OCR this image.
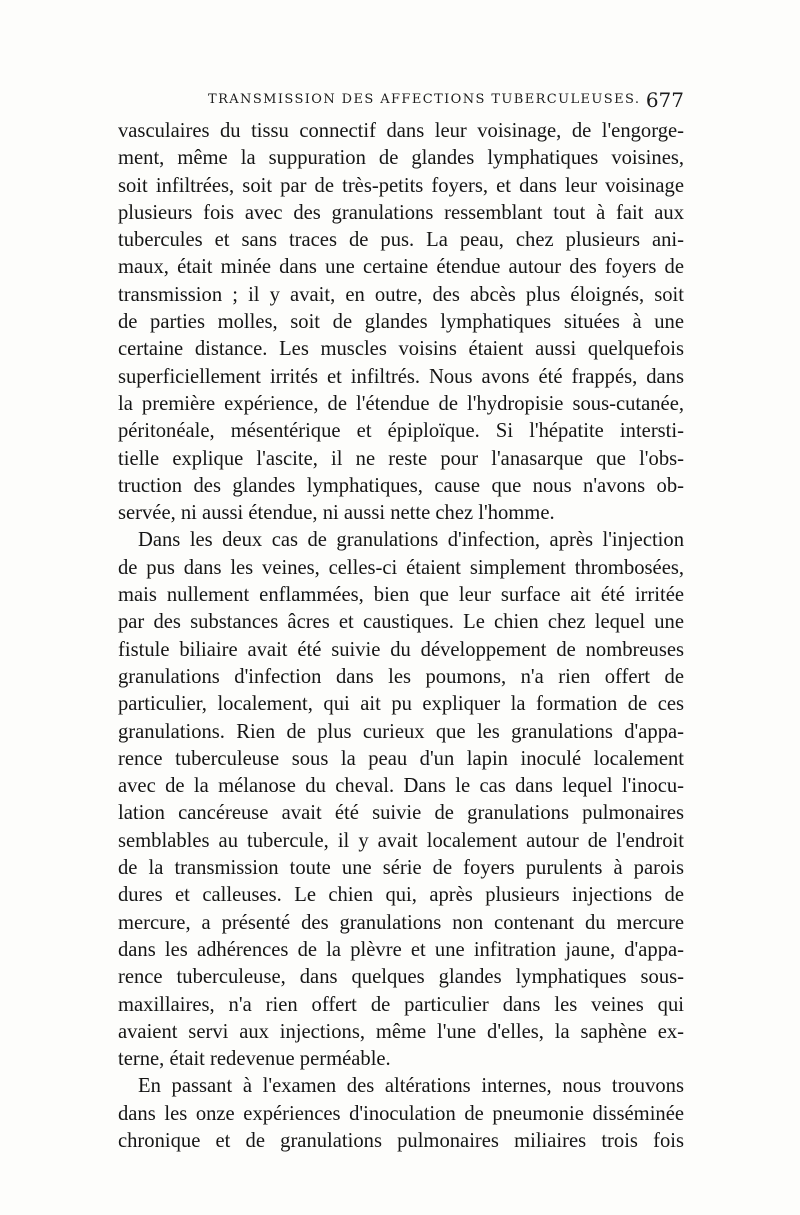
TRANSMISSION DES AFFECTIONS TUBERCULEUSES. 677
vasculaires du tissu connectif dans leur voisinage, de l'engorge-
ment, même la suppuration de glandes lymphatiques voisines,
soit infiltrées, soit par de très-petits foyers, et dans leur voisinage
plusieurs fois avec des granulations ressemblant tout à fait aux
tubercules et sans traces de pus. La peau, chez plusieurs ani-
maux, était minée dans une certaine étendue autour des foyers de
transmission ; il y avait, en outre, des abcès plus éloignés, soit
de parties molles, soit de glandes lymphatiques situées à une
certaine distance. Les muscles voisins étaient aussi quelquefois
superficiellement irrités et infiltrés. Nous avons été frappés, dans
la première expérience, de l'étendue de l'hydropisie sous-cutanée,
péritonéale, mésentérique et épiploïque. Si l'hépatite intersti-
tielle explique l'ascite, il ne reste pour l'anasarque que l'obs-
truction des glandes lymphatiques, cause que nous n'avons ob-
servée, ni aussi étendue, ni aussi nette chez l'homme.
Dans les deux cas de granulations d'infection, après l'injection
de pus dans les veines, celles-ci étaient simplement thrombosées,
mais nullement enflammées, bien que leur surface ait été irritée
par des substances âcres et caustiques. Le chien chez lequel une
fistule biliaire avait été suivie du développement de nombreuses
granulations d'infection dans les poumons, n'a rien offert de
particulier, localement, qui ait pu expliquer la formation de ces
granulations. Rien de plus curieux que les granulations d'appa-
rence tuberculeuse sous la peau d'un lapin inoculé localement
avec de la mélanose du cheval. Dans le cas dans lequel l'inocu-
lation cancéreuse avait été suivie de granulations pulmonaires
semblables au tubercule, il y avait localement autour de l'endroit
de la transmission toute une série de foyers purulents à parois
dures et calleuses. Le chien qui, après plusieurs injections de
mercure, a présenté des granulations non contenant du mercure
dans les adhérences de la plèvre et une infitration jaune, d'appa-
rence tuberculeuse, dans quelques glandes lymphatiques sous-
maxillaires, n'a rien offert de particulier dans les veines qui
avaient servi aux injections, même l'une d'elles, la saphène ex-
terne, était redevenue perméable.
En passant à l'examen des altérations internes, nous trouvons
dans les onze expériences d'inoculation de pneumonie disséminée
chronique et de granulations pulmonaires miliaires trois fois
